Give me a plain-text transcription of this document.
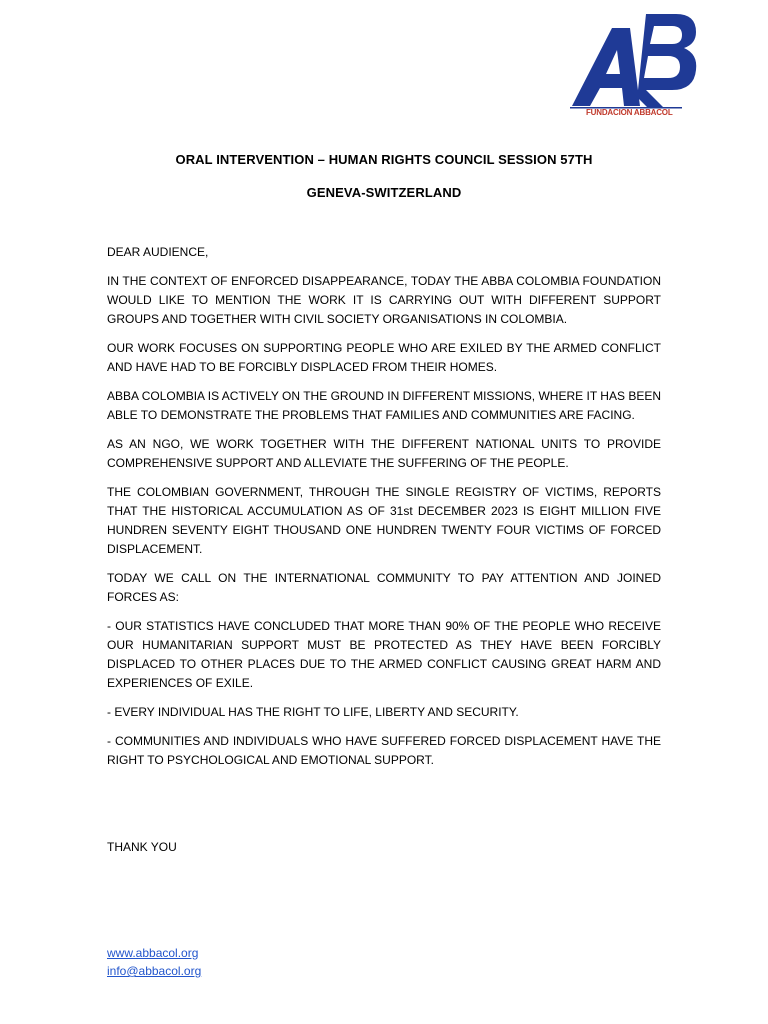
FUNDACION ABBACOL
ORAL INTERVENTION – HUMAN RIGHTS COUNCIL SESSION 57TH
GENEVA-SWITZERLAND

DEAR AUDIENCE,

IN THE CONTEXT OF ENFORCED DISAPPEARANCE, TODAY THE ABBA COLOMBIA FOUNDATION WOULD LIKE TO MENTION THE WORK IT IS CARRYING OUT WITH DIFFERENT SUPPORT GROUPS AND TOGETHER WITH CIVIL SOCIETY ORGANISATIONS IN COLOMBIA.

OUR WORK FOCUSES ON SUPPORTING PEOPLE WHO ARE EXILED BY THE ARMED CONFLICT AND HAVE HAD TO BE FORCIBLY DISPLACED FROM THEIR HOMES.

ABBA COLOMBIA IS ACTIVELY ON THE GROUND IN DIFFERENT MISSIONS, WHERE IT HAS BEEN ABLE TO DEMONSTRATE THE PROBLEMS THAT FAMILIES AND COMMUNITIES ARE FACING.

AS AN NGO, WE WORK TOGETHER WITH THE DIFFERENT NATIONAL UNITS TO PROVIDE COMPREHENSIVE SUPPORT AND ALLEVIATE THE SUFFERING OF THE PEOPLE.

THE COLOMBIAN GOVERNMENT, THROUGH THE SINGLE REGISTRY OF VICTIMS, REPORTS THAT THE HISTORICAL ACCUMULATION AS OF 31st DECEMBER 2023 IS EIGHT MILLION FIVE HUNDREN SEVENTY EIGHT THOUSAND ONE HUNDREN TWENTY FOUR VICTIMS OF FORCED DISPLACEMENT.

TODAY WE CALL ON THE INTERNATIONAL COMMUNITY TO PAY ATTENTION AND JOINED FORCES AS:

- OUR STATISTICS HAVE CONCLUDED THAT MORE THAN 90% OF THE PEOPLE WHO RECEIVE OUR HUMANITARIAN SUPPORT MUST BE PROTECTED AS THEY HAVE BEEN FORCIBLY DISPLACED TO OTHER PLACES DUE TO THE ARMED CONFLICT CAUSING GREAT HARM AND EXPERIENCES OF EXILE.

- EVERY INDIVIDUAL HAS THE RIGHT TO LIFE, LIBERTY AND SECURITY.

- COMMUNITIES AND INDIVIDUALS WHO HAVE SUFFERED FORCED DISPLACEMENT HAVE THE RIGHT TO PSYCHOLOGICAL AND EMOTIONAL SUPPORT.

THANK YOU

www.abbacol.org
info@abbacol.org
